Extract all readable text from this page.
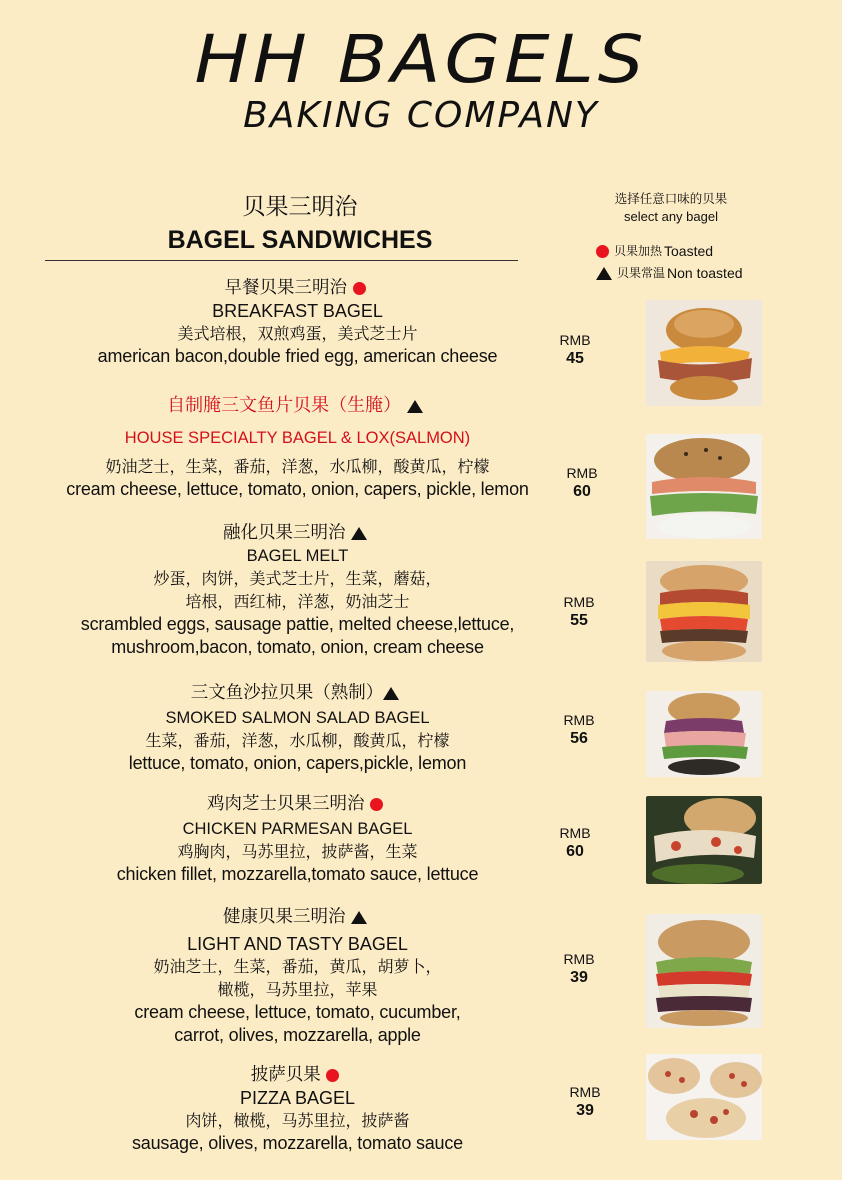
HH BAGELS
BAKING COMPANY
贝果三明治
BAGEL SANDWICHES
选择任意口味的贝果
select any bagel
贝果加热 Toasted
贝果常温 Non toasted
早餐贝果三明治
BREAKFAST BAGEL
美式培根，双煎鸡蛋，美式芝士片
american bacon,double fried egg, american cheese
RMB
45
自制腌三文鱼片贝果（生腌）
HOUSE SPECIALTY BAGEL & LOX(SALMON)
奶油芝士，生菜，番茄，洋葱，水瓜柳，酸黄瓜，柠檬
cream cheese, lettuce, tomato, onion, capers, pickle, lemon
RMB
60
融化贝果三明治
BAGEL MELT
炒蛋，肉饼，美式芝士片，生菜，蘑菇，
培根，西红柿，洋葱，奶油芝士
scrambled eggs, sausage pattie, melted cheese,lettuce,
mushroom,bacon, tomato, onion, cream cheese
RMB
55
三文鱼沙拉贝果（熟制）
SMOKED SALMON SALAD BAGEL
生菜，番茄，洋葱，水瓜柳，酸黄瓜，柠檬
lettuce, tomato, onion, capers,pickle, lemon
RMB
56
鸡肉芝士贝果三明治
CHICKEN PARMESAN BAGEL
鸡胸肉，马苏里拉，披萨酱，生菜
chicken fillet, mozzarella,tomato sauce, lettuce
RMB
60
健康贝果三明治
LIGHT AND TASTY BAGEL
奶油芝士，生菜，番茄，黄瓜，胡萝卜，
橄榄，马苏里拉，苹果
cream cheese, lettuce, tomato, cucumber,
carrot, olives, mozzarella, apple
RMB
39
披萨贝果
PIZZA BAGEL
肉饼，橄榄，马苏里拉，披萨酱
sausage, olives, mozzarella, tomato sauce
RMB
39
